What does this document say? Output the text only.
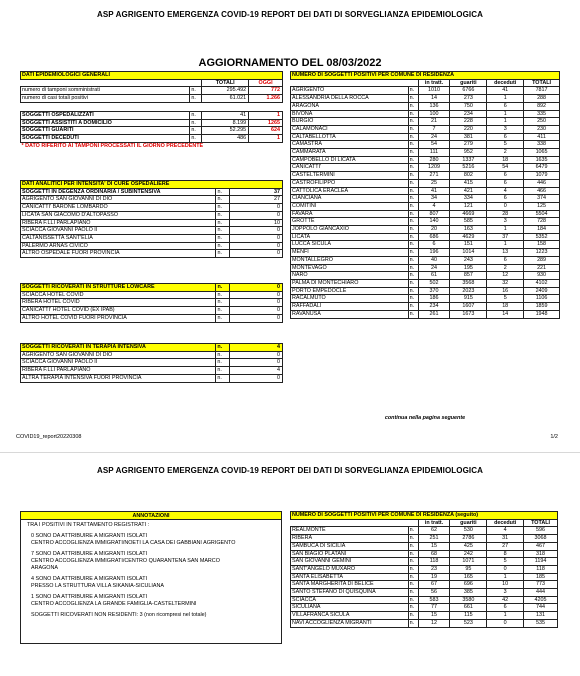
ASP AGRIGENTO EMERGENZA COVID-19 REPORT DEI DATI DI SORVEGLIANZA EPIDEMIOLOGICA
AGGIORNAMENTO DEL 08/03/2022
DATI EPIDEMIOLOGICI GENERALI			
		TOTALI	OGGI
numero di tamponi somministrati	n.	295.492	772
numero di casi totali positivi	n.	61.021	1.266

SOGGETTI OSPEDALIZZATI	n.	41	1
SOGGETTI ASSISTITI A DOMICILIO	n.	8.199	1265
SOGGETTI GUARITI	n.	52.295	624
SOGGETTI DECEDUTI	n.	486	1
* DATO RIFERITO AI TAMPONI PROCESSATI IL GIORNO PRECEDENTE			
DATI ANALITICI PER INTENSITA' DI CURE OSPEDALIERE		
SOGGETTI IN DEGENZA ORDINARIA / SUBINTENSIVA	n.	37
AGRIGENTO SAN GIOVANNI DI DIO	n.	27
CANICATTI' BARONE LOMBARDO	n.	0
LICATA SAN GIACOMO D'ALTOPASSO	n.	0
RIBERA F.LLI PARLAPIANO	n.	10
SCIACCA GIOVANNI PAOLO II	n.	0
CALTANISSETTA SANT'ELIA	n.	0
PALERMO ARNAS CIVICO	n.	0
ALTRO OSPEDALE FUORI PROVINCIA	n.	0
SOGGETTI RICOVERATI IN STRUTTURE LOWCARE	n.	0
SCIACCA HOTEL COVID	n.	0
RIBERA HOTEL COVID	n.	0
CANICATTI' HOTEL COVID (EX IPAB)	n.	0
ALTRO HOTEL COVID FUORI PROVINCIA	n.	0
SOGGETTI RICOVERATI IN TERAPIA INTENSIVA	n.	4
AGRIGENTO SAN GIOVANNI DI DIO	n.	0
SCIACCA GIOVANNI PAOLO II	n.	0
RIBERA F.LLI PARLAPIANO	n.	4
ALTRA TERAPIA INTENSIVA FUORI PROVINCIA	n.	0
NUMERO DI SOGGETTI POSITIVI PER COMUNE DI RESIDENZA					
		in tratt.	guariti	deceduti	TOTALI
AGRIGENTO	n.	1010	6766	41	7817
ALESSANDRIA DELLA ROCCA	n.	14	273	1	288
ARAGONA	n.	136	750	6	892
BIVONA	n.	100	234	1	335
BURGIO	n.	21	228	1	250
CALAMONACI	n.	7	220	3	230
CALTABELLOTTA	n.	24	381	6	411
CAMASTRA	n.	54	279	5	338
CAMMARATA	n.	111	952	2	1065
CAMPOBELLO DI LICATA	n.	280	1337	18	1635
CANICATTI'	n.	1209	5216	54	6479
CASTELTERMINI	n.	271	802	6	1079
CASTROFILIPPO	n.	25	415	6	446
CATTOLICA ERACLEA	n.	41	421	4	466
CIANCIANA	n.	34	334	6	374
COMITINI	n.	4	121	0	125
FAVARA	n.	807	4669	28	5504
GROTTE	n.	140	585	3	728
JOPPOLO GIANCAXIO	n.	20	163	1	184
LICATA	n.	686	4629	37	5352
LUCCA SICULA	n.	6	151	1	158
MENFI	n.	196	1014	13	1223
MONTALLEGRO	n.	40	243	6	289
MONTEVAGO	n.	24	195	2	221
NARO	n.	61	857	12	930
PALMA DI MONTECHIARO	n.	502	3568	32	4102
PORTO EMPEDOCLE	n.	370	2023	16	2409
RACALMUTO	n.	186	915	5	1106
RAFFADALI	n.	234	1607	18	1859
RAVANUSA	n.	261	1673	14	1948
continua nella pagina seguente
COVID19_report20220308	1/2
ASP AGRIGENTO EMERGENZA COVID-19 REPORT DEI DATI DI SORVEGLIANZA EPIDEMIOLOGICA
ANNOTAZIONI

TRA I POSITIVI IN TRATTAMENTO REGISTRATI :

0 SONO DA ATTRIBUIRE A MIGRANTI ISOLATI

CENTRO ACCOGLIENZA IMMIGRATI/NOETI LA CASA DEI GABBIANI AGRIGENTO

7 SONO DA ATTRIBUIRE A MIGRANTI ISOLATI

CENTRO ACCOGLIENZA IMMIGRATI/CENTRO QUARANTENA SAN MARCO

ARAGONA

4 SONO DA ATTRIBUIRE A MIGRANTI ISOLATI

PRESSO LA STRUTTURA VILLA SIKANIA-SICULIANA

1 SONO DA ATTRIBUIRE A MIGRANTI ISOLATI

CENTRO ACCOGLIENZA LA GRANDE FAMIGLIA-CASTELTERMINI

SOGGETTI RICOVERATI NON RESIDENTI: 3 (non ricompresi nel totale)

NUMERO DI SOGGETTI POSITIVI PER COMUNE DI RESIDENZA (seguito)					
		in tratt.	guariti	deceduti	TOTALI
REALMONTE	n.	62	530	4	596
RIBERA	n.	251	2786	31	3068
SAMBUCA DI SICILIA	n.	15	425	27	467
SAN BIAGIO PLATANI	n.	68	242	8	318
SAN GIOVANNI GEMINI	n.	118	1071	5	1194
SANT'ANGELO MUXARO	n.	23	95	0	118
SANTA ELISABETTA	n.	19	165	1	185
SANTA MARGHERITA DI BELICE	n.	67	696	10	773
SANTO STEFANO DI QUISQUINA	n.	56	385	3	444
SCIACCA	n.	583	3580	42	4205
SICULIANA	n.	77	661	6	744
VILLAFRANCA SICULA	n.	15	115	1	131
NAVI ACCOGLIENZA MIGRANTI	n.	12	523	0	535
